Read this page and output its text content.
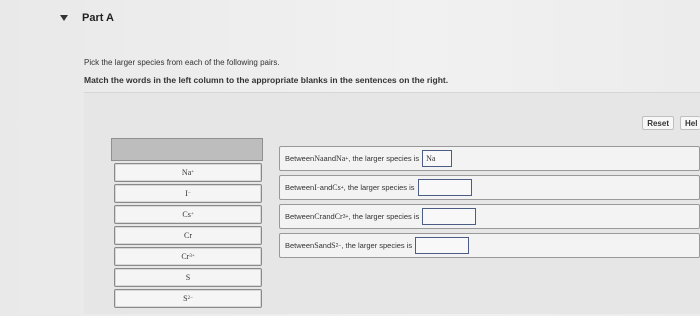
Part A
Pick the larger species from each of the following pairs.
Match the words in the left column to the appropriate blanks in the sentences on the right.
Reset	Hel
Na +
I −
Cs +
Cr
Cr 3+
S
S 2−
Between Na and Na + , the larger species is Na
Between I − and Cs + , the larger species is
Between Cr and Cr 3+ , the larger species is
Between S and S 2− , the larger species is
